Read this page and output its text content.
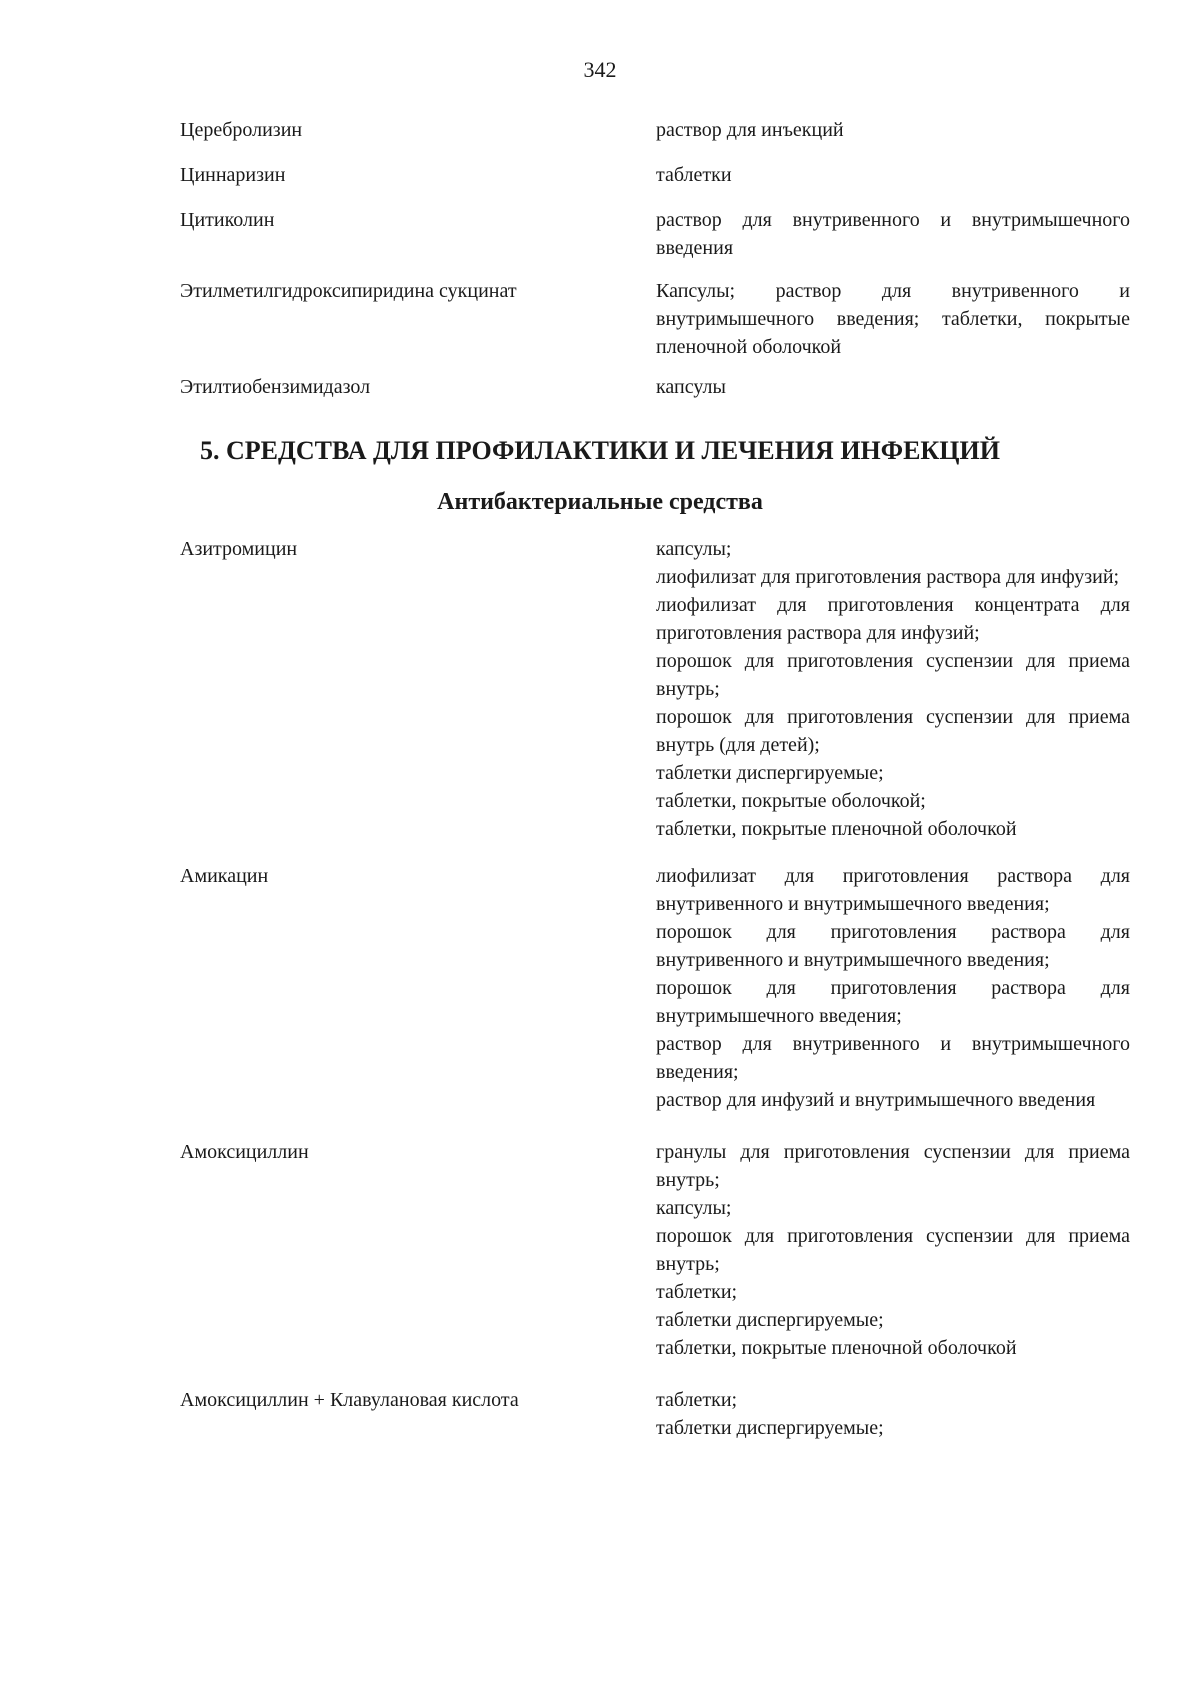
342
Церебролизин	раствор для инъекций
Циннаризин	таблетки
Цитиколин	раствор для внутривенного и внутримышечного введения
Этилметилгидроксипиридина сукцинат	Капсулы; раствор для внутривенного и внутримышечного введения; таблетки, покрытые пленочной оболочкой
Этилтиобензимидазол	капсулы
5. СРЕДСТВА ДЛЯ ПРОФИЛАКТИКИ И ЛЕЧЕНИЯ ИНФЕКЦИЙ
Антибактериальные средства
Азитромицин	капсулы;
лиофилизат для приготовления раствора для инфузий;
лиофилизат для приготовления концентрата для приготовления раствора для инфузий;
порошок для приготовления суспензии для приема внутрь;
порошок для приготовления суспензии для приема внутрь (для детей);
таблетки диспергируемые;
таблетки, покрытые оболочкой;
таблетки, покрытые пленочной оболочкой
Амикацин	лиофилизат для приготовления раствора для внутривенного и внутримышечного введения;
порошок для приготовления раствора для внутривенного и внутримышечного введения;
порошок для приготовления раствора для внутримышечного введения;
раствор для внутривенного и внутримышечного введения;
раствор для инфузий и внутримышечного введения
Амоксициллин	гранулы для приготовления суспензии для приема внутрь;
капсулы;
порошок для приготовления суспензии для приема внутрь;
таблетки;
таблетки диспергируемые;
таблетки, покрытые пленочной оболочкой
Амоксициллин + Клавулановая кислота	таблетки;
таблетки диспергируемые;
